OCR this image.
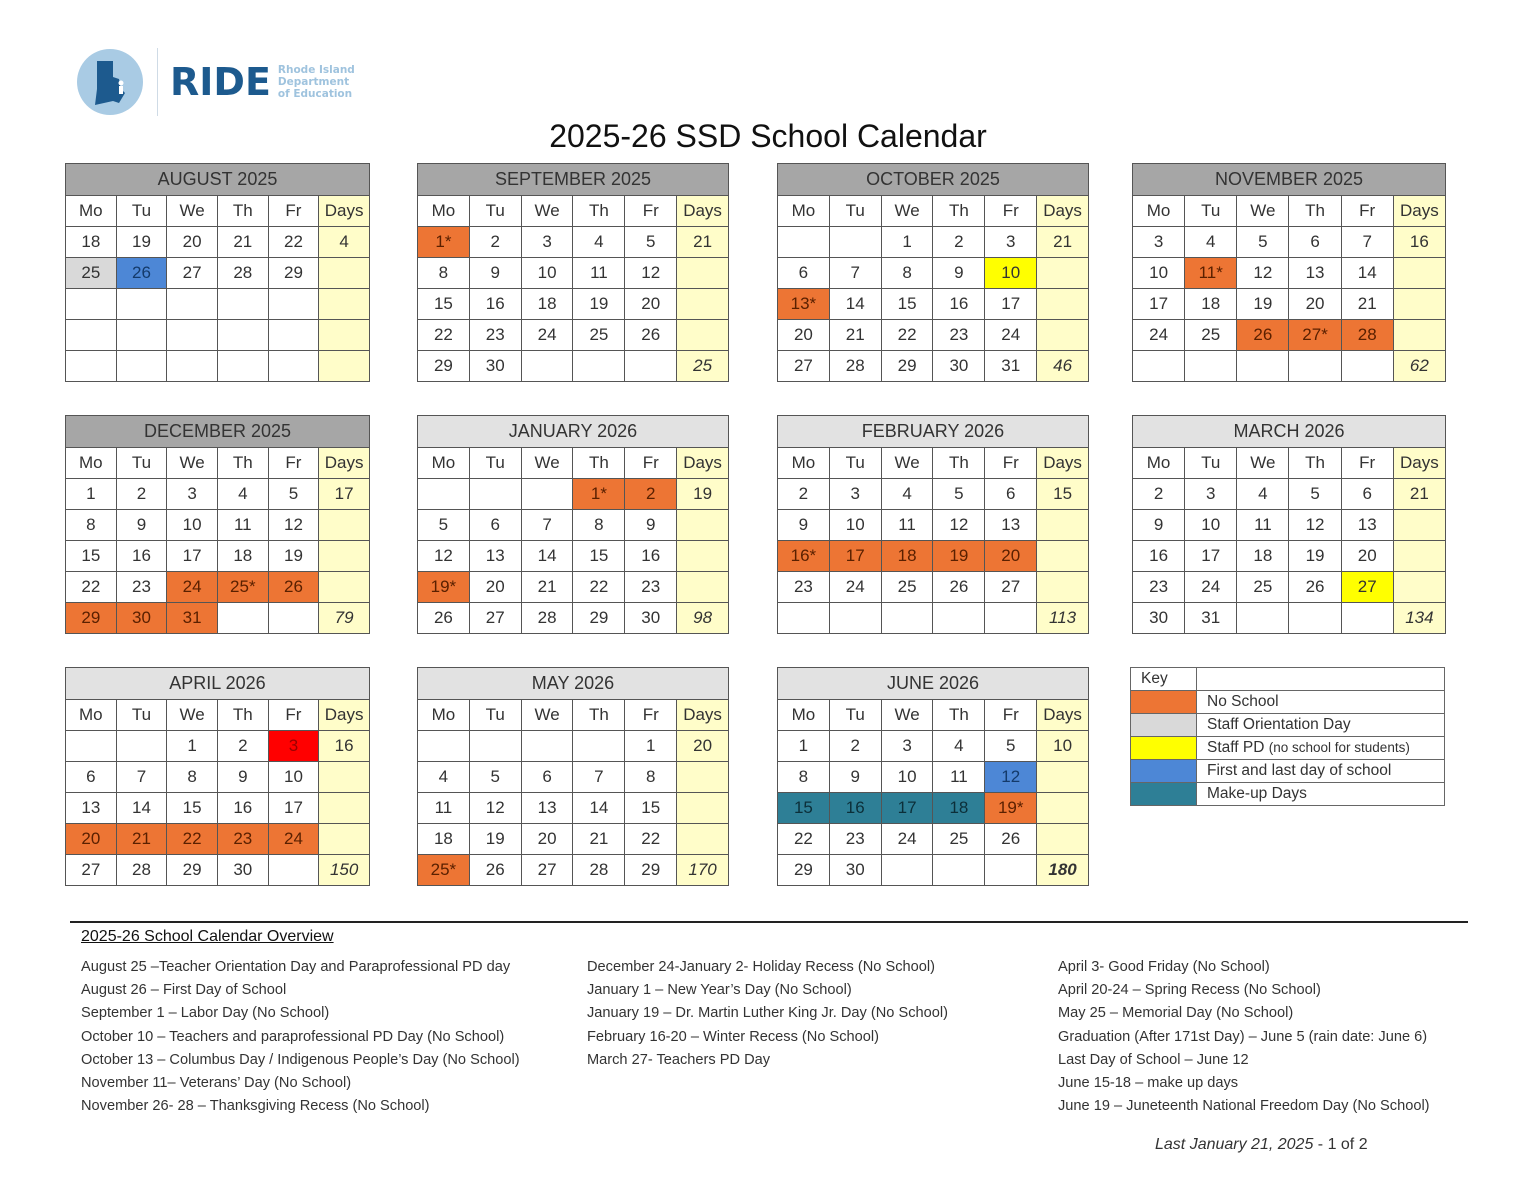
RIDE Rhode Island
Department
of Education
2025-26 SSD School Calendar
AUGUST 2025					
Mo	Tu	We	Th	Fr	Days
18	19	20	21	22	4
25	26	27	28	29	

SEPTEMBER 2025					
Mo	Tu	We	Th	Fr	Days
1*	2	3	4	5	21
8	9	10	11	12	
15	16	18	19	20	
22	23	24	25	26	
29	30				25
OCTOBER 2025					
Mo	Tu	We	Th	Fr	Days
		1	2	3	21
6	7	8	9	10	
13*	14	15	16	17	
20	21	22	23	24	
27	28	29	30	31	46
NOVEMBER 2025					
Mo	Tu	We	Th	Fr	Days
3	4	5	6	7	16
10	11*	12	13	14	
17	18	19	20	21	
24	25	26	27*	28	
					62
DECEMBER 2025					
Mo	Tu	We	Th	Fr	Days
1	2	3	4	5	17
8	9	10	11	12	
15	16	17	18	19	
22	23	24	25*	26	
29	30	31			79
JANUARY 2026					
Mo	Tu	We	Th	Fr	Days
			1*	2	19
5	6	7	8	9	
12	13	14	15	16	
19*	20	21	22	23	
26	27	28	29	30	98
FEBRUARY 2026					
Mo	Tu	We	Th	Fr	Days
2	3	4	5	6	15
9	10	11	12	13	
16*	17	18	19	20	
23	24	25	26	27	
					113
MARCH 2026					
Mo	Tu	We	Th	Fr	Days
2	3	4	5	6	21
9	10	11	12	13	
16	17	18	19	20	
23	24	25	26	27	
30	31				134
APRIL 2026					
Mo	Tu	We	Th	Fr	Days
		1	2	3	16
6	7	8	9	10	
13	14	15	16	17	
20	21	22	23	24	
27	28	29	30		150
MAY 2026					
Mo	Tu	We	Th	Fr	Days
				1	20
4	5	6	7	8	
11	12	13	14	15	
18	19	20	21	22	
25*	26	27	28	29	170
JUNE 2026					
Mo	Tu	We	Th	Fr	Days
1	2	3	4	5	10
8	9	10	11	12	
15	16	17	18	19*	
22	23	24	25	26	
29	30				180
Key	
	No School
	Staff Orientation Day
	Staff PD (no school for students)
	First and last day of school
	Make-up Days
2025-26 School Calendar Overview
August 25 –Teacher Orientation Day and Paraprofessional PD day
August 26 – First Day of School
September 1 – Labor Day (No School)
October 10 – Teachers and paraprofessional PD Day (No School)
October 13 – Columbus Day / Indigenous People’s Day (No School)
November 11– Veterans’ Day (No School)
November 26- 28 – Thanksgiving Recess (No School)
December 24-January 2- Holiday Recess (No School)
January 1 – New Year’s Day (No School)
January 19 – Dr. Martin Luther King Jr. Day (No School)
February 16-20 – Winter Recess (No School)
March 27- Teachers PD Day
April 3- Good Friday (No School)
April 20-24 – Spring Recess (No School)
May 25 – Memorial Day (No School)
Graduation (After 171st Day) – June 5 (rain date: June 6)
Last Day of School – June 12
June 15-18 – make up days
June 19 – Juneteenth National Freedom Day (No School)
Last January 21, 2025 - 1 of 2
